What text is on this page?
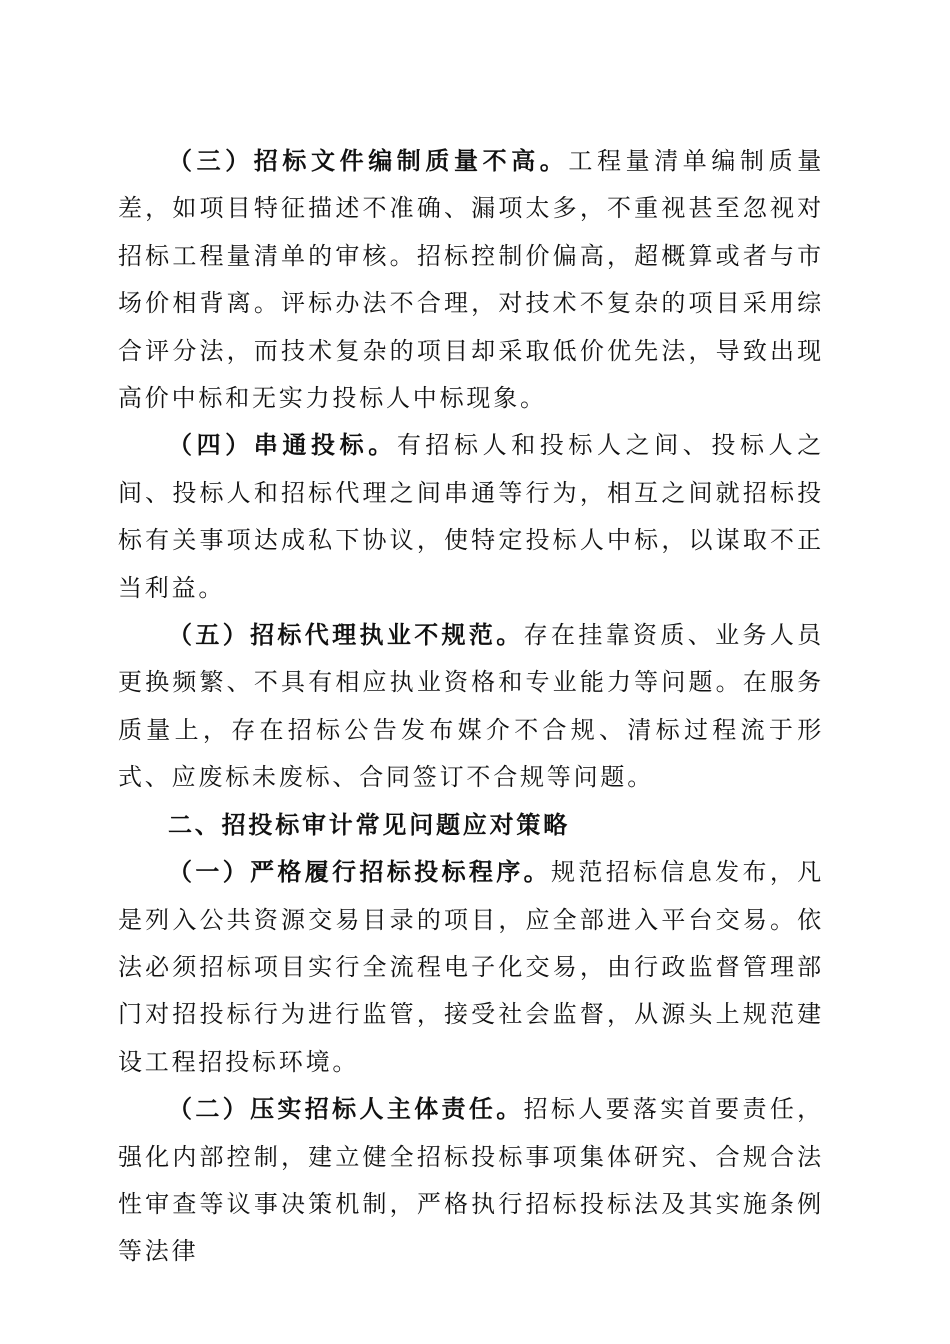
（三）招标文件编制质量不高。工程量清单编制质量差，如项目特征描述不准确、漏项太多，不重视甚至忽视对招标工程量清单的审核。招标控制价偏高，超概算或者与市场价相背离。评标办法不合理，对技术不复杂的项目采用综合评分法，而技术复杂的项目却采取低价优先法，导致出现高价中标和无实力投标人中标现象。

（四）串通投标。有招标人和投标人之间、投标人之间、投标人和招标代理之间串通等行为，相互之间就招标投标有关事项达成私下协议，使特定投标人中标，以谋取不正当利益。

（五）招标代理执业不规范。存在挂靠资质、业务人员更换频繁、不具有相应执业资格和专业能力等问题。在服务质量上，存在招标公告发布媒介不合规、清标过程流于形式、应废标未废标、合同签订不合规等问题。

二、招投标审计常见问题应对策略

（一）严格履行招标投标程序。规范招标信息发布，凡是列入公共资源交易目录的项目，应全部进入平台交易。依法必须招标项目实行全流程电子化交易，由行政监督管理部门对招投标行为进行监管，接受社会监督，从源头上规范建设工程招投标环境。

（二）压实招标人主体责任。招标人要落实首要责任，强化内部控制，建立健全招标投标事项集体研究、合规合法性审查等议事决策机制，严格执行招标投标法及其实施条例等法律
